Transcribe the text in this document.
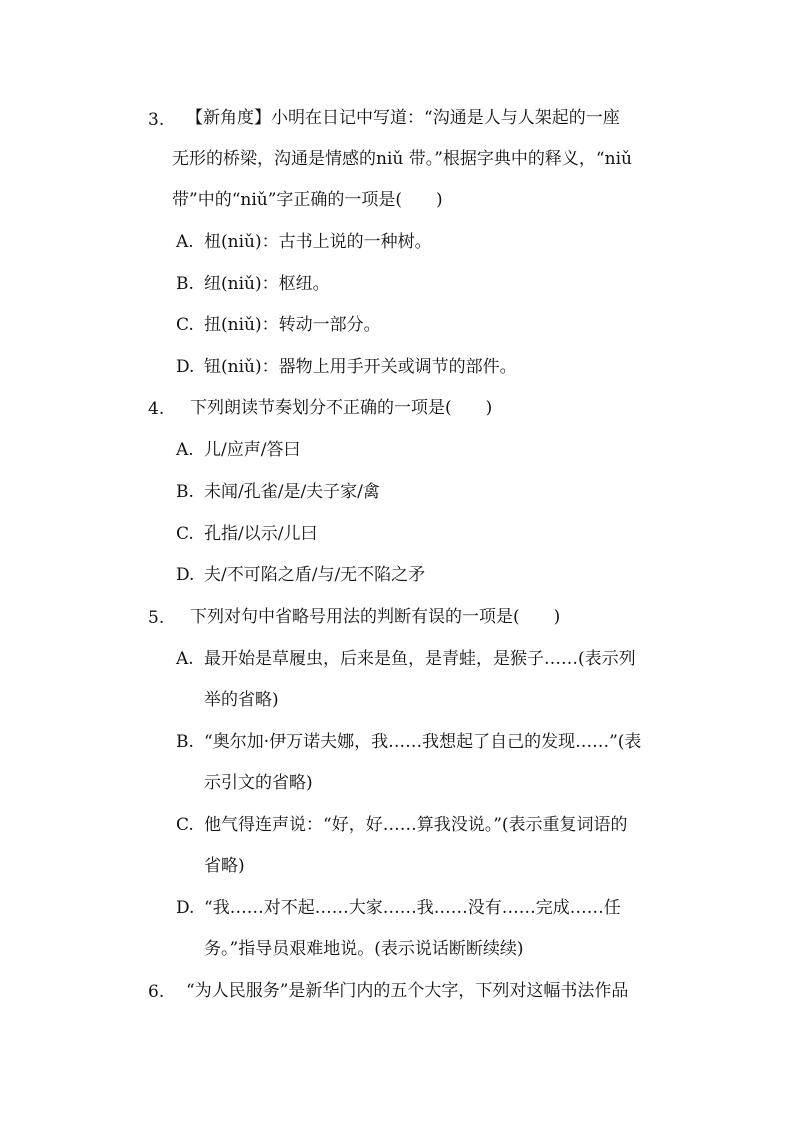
3. 【新角度】小明在日记中写道：“沟通是人与人架起的一座
无形的桥梁，沟通是情感的niǔ 带。”根据字典中的释义，“niǔ
带”中的“niǔ”字正确的一项是(　　)
A. 杻(niǔ)：古书上说的一种树。
B. 纽(niǔ)：枢纽。
C. 扭(niǔ)：转动一部分。
D. 钮(niǔ)：器物上用手开关或调节的部件。
4. 下列朗读节奏划分不正确的一项是(　　)
A. 儿/应声/答曰
B. 未闻/孔雀/是/夫子家/禽
C. 孔指/以示/儿曰
D. 夫/不可陷之盾/与/无不陷之矛
5. 下列对句中省略号用法的判断有误的一项是(　　)
A. 最开始是草履虫，后来是鱼，是青蛙，是猴子……(表示列
举的省略)
B. “奥尔加·伊万诺夫娜，我……我想起了自己的发现……”(表
示引文的省略)
C. 他气得连声说：“好，好……算我没说。”(表示重复词语的
省略)
D. “我……对不起……大家……我……没有……完成……任
务。”指导员艰难地说。(表示说话断断续续)
6. “为人民服务”是新华门内的五个大字，下列对这幅书法作品
